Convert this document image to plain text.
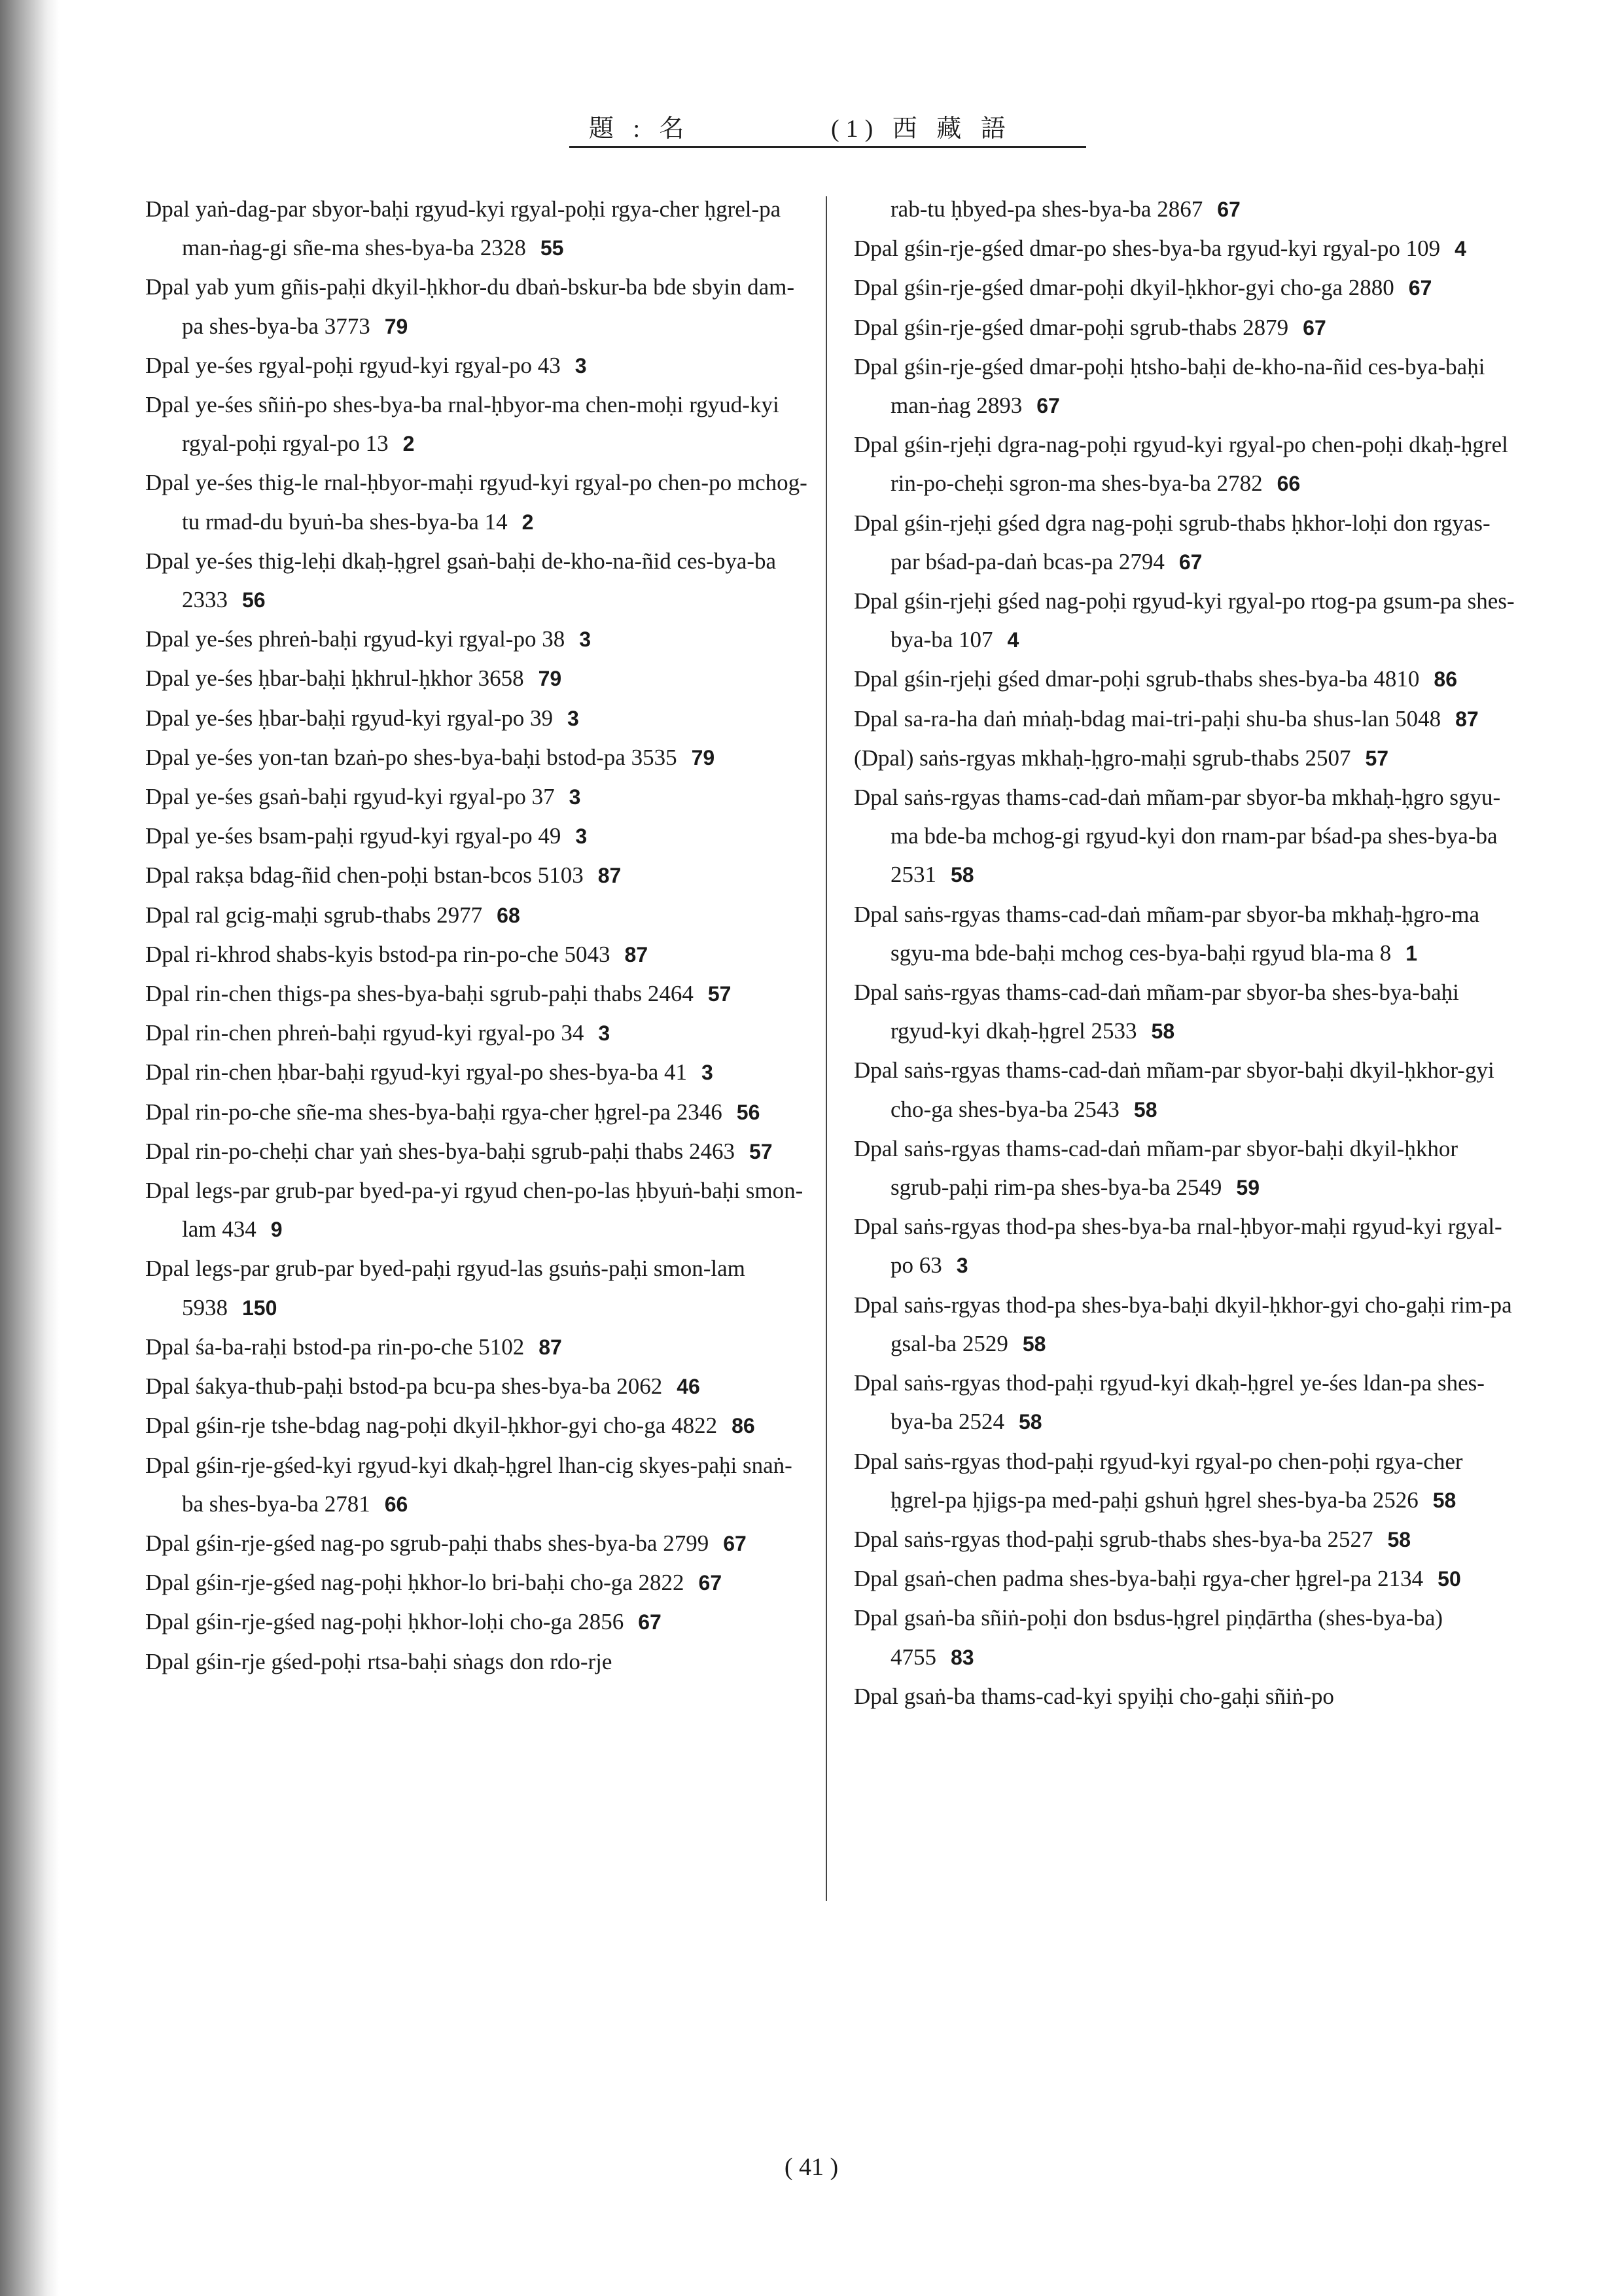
題 : 名	(1) 西 藏 語
Dpal yaṅ-dag-par sbyor-baḥi rgyud-kyi rgyal-poḥi rgya-cher ḥgrel-pa man-ṅag-gi sñe-ma shes-bya-ba 2328 55
Dpal yab yum gñis-paḥi dkyil-ḥkhor-du dbaṅ-bskur-ba bde sbyin dam-pa shes-bya-ba 3773 79
Dpal ye-śes rgyal-poḥi rgyud-kyi rgyal-po 43 3
Dpal ye-śes sñiṅ-po shes-bya-ba rnal-ḥbyor-ma chen-moḥi rgyud-kyi rgyal-poḥi rgyal-po 13 2
Dpal ye-śes thig-le rnal-ḥbyor-maḥi rgyud-kyi rgyal-po chen-po mchog-tu rmad-du byuṅ-ba shes-bya-ba 14 2
Dpal ye-śes thig-leḥi dkaḥ-ḥgrel gsaṅ-baḥi de-kho-na-ñid ces-bya-ba 2333 56
Dpal ye-śes phreṅ-baḥi rgyud-kyi rgyal-po 38 3
Dpal ye-śes ḥbar-baḥi ḥkhrul-ḥkhor 3658 79
Dpal ye-śes ḥbar-baḥi rgyud-kyi rgyal-po 39 3
Dpal ye-śes yon-tan bzaṅ-po shes-bya-baḥi bstod-pa 3535 79
Dpal ye-śes gsaṅ-baḥi rgyud-kyi rgyal-po 37 3
Dpal ye-śes bsam-paḥi rgyud-kyi rgyal-po 49 3
Dpal rakṣa bdag-ñid chen-poḥi bstan-bcos 5103 87
Dpal ral gcig-maḥi sgrub-thabs 2977 68
Dpal ri-khrod shabs-kyis bstod-pa rin-po-che 5043 87
Dpal rin-chen thigs-pa shes-bya-baḥi sgrub-paḥi thabs 2464 57
Dpal rin-chen phreṅ-baḥi rgyud-kyi rgyal-po 34 3
Dpal rin-chen ḥbar-baḥi rgyud-kyi rgyal-po shes-bya-ba 41 3
Dpal rin-po-che sñe-ma shes-bya-baḥi rgya-cher ḥgrel-pa 2346 56
Dpal rin-po-cheḥi char yaṅ shes-bya-baḥi sgrub-paḥi thabs 2463 57
Dpal legs-par grub-par byed-pa-yi rgyud chen-po-las ḥbyuṅ-baḥi smon-lam 434 9
Dpal legs-par grub-par byed-paḥi rgyud-las gsuṅs-paḥi smon-lam 5938 150
Dpal śa-ba-raḥi bstod-pa rin-po-che 5102 87
Dpal śakya-thub-paḥi bstod-pa bcu-pa shes-bya-ba 2062 46
Dpal gśin-rje tshe-bdag nag-poḥi dkyil-ḥkhor-gyi cho-ga 4822 86
Dpal gśin-rje-gśed-kyi rgyud-kyi dkaḥ-ḥgrel lhan-cig skyes-paḥi snaṅ-ba shes-bya-ba 2781 66
Dpal gśin-rje-gśed nag-po sgrub-paḥi thabs shes-bya-ba 2799 67
Dpal gśin-rje-gśed nag-poḥi ḥkhor-lo bri-baḥi cho-ga 2822 67
Dpal gśin-rje-gśed nag-poḥi ḥkhor-loḥi cho-ga 2856 67
Dpal gśin-rje gśed-poḥi rtsa-baḥi sṅags don rdo-rje
rab-tu ḥbyed-pa shes-bya-ba 2867 67
Dpal gśin-rje-gśed dmar-po shes-bya-ba rgyud-kyi rgyal-po 109 4
Dpal gśin-rje-gśed dmar-poḥi dkyil-ḥkhor-gyi cho-ga 2880 67
Dpal gśin-rje-gśed dmar-poḥi sgrub-thabs 2879 67
Dpal gśin-rje-gśed dmar-poḥi ḥtsho-baḥi de-kho-na-ñid ces-bya-baḥi man-ṅag 2893 67
Dpal gśin-rjeḥi dgra-nag-poḥi rgyud-kyi rgyal-po chen-poḥi dkaḥ-ḥgrel rin-po-cheḥi sgron-ma shes-bya-ba 2782 66
Dpal gśin-rjeḥi gśed dgra nag-poḥi sgrub-thabs ḥkhor-loḥi don rgyas-par bśad-pa-daṅ bcas-pa 2794 67
Dpal gśin-rjeḥi gśed nag-poḥi rgyud-kyi rgyal-po rtog-pa gsum-pa shes-bya-ba 107 4
Dpal gśin-rjeḥi gśed dmar-poḥi sgrub-thabs shes-bya-ba 4810 86
Dpal sa-ra-ha daṅ mṅaḥ-bdag mai-tri-paḥi shu-ba shus-lan 5048 87
(Dpal) saṅs-rgyas mkhaḥ-ḥgro-maḥi sgrub-thabs 2507 57
Dpal saṅs-rgyas thams-cad-daṅ mñam-par sbyor-ba mkhaḥ-ḥgro sgyu-ma bde-ba mchog-gi rgyud-kyi don rnam-par bśad-pa shes-bya-ba 2531 58
Dpal saṅs-rgyas thams-cad-daṅ mñam-par sbyor-ba mkhaḥ-ḥgro-ma sgyu-ma bde-baḥi mchog ces-bya-baḥi rgyud bla-ma 8 1
Dpal saṅs-rgyas thams-cad-daṅ mñam-par sbyor-ba shes-bya-baḥi rgyud-kyi dkaḥ-ḥgrel 2533 58
Dpal saṅs-rgyas thams-cad-daṅ mñam-par sbyor-baḥi dkyil-ḥkhor-gyi cho-ga shes-bya-ba 2543 58
Dpal saṅs-rgyas thams-cad-daṅ mñam-par sbyor-baḥi dkyil-ḥkhor sgrub-paḥi rim-pa shes-bya-ba 2549 59
Dpal saṅs-rgyas thod-pa shes-bya-ba rnal-ḥbyor-maḥi rgyud-kyi rgyal-po 63 3
Dpal saṅs-rgyas thod-pa shes-bya-baḥi dkyil-ḥkhor-gyi cho-gaḥi rim-pa gsal-ba 2529 58
Dpal saṅs-rgyas thod-paḥi rgyud-kyi dkaḥ-ḥgrel ye-śes ldan-pa shes-bya-ba 2524 58
Dpal saṅs-rgyas thod-paḥi rgyud-kyi rgyal-po chen-poḥi rgya-cher ḥgrel-pa ḥjigs-pa med-paḥi gshuṅ ḥgrel shes-bya-ba 2526 58
Dpal saṅs-rgyas thod-paḥi sgrub-thabs shes-bya-ba 2527 58
Dpal gsaṅ-chen padma shes-bya-baḥi rgya-cher ḥgrel-pa 2134 50
Dpal gsaṅ-ba sñiṅ-poḥi don bsdus-ḥgrel piṇḍārtha (shes-bya-ba) 4755 83
Dpal gsaṅ-ba thams-cad-kyi spyiḥi cho-gaḥi sñiṅ-po
( 41 )
